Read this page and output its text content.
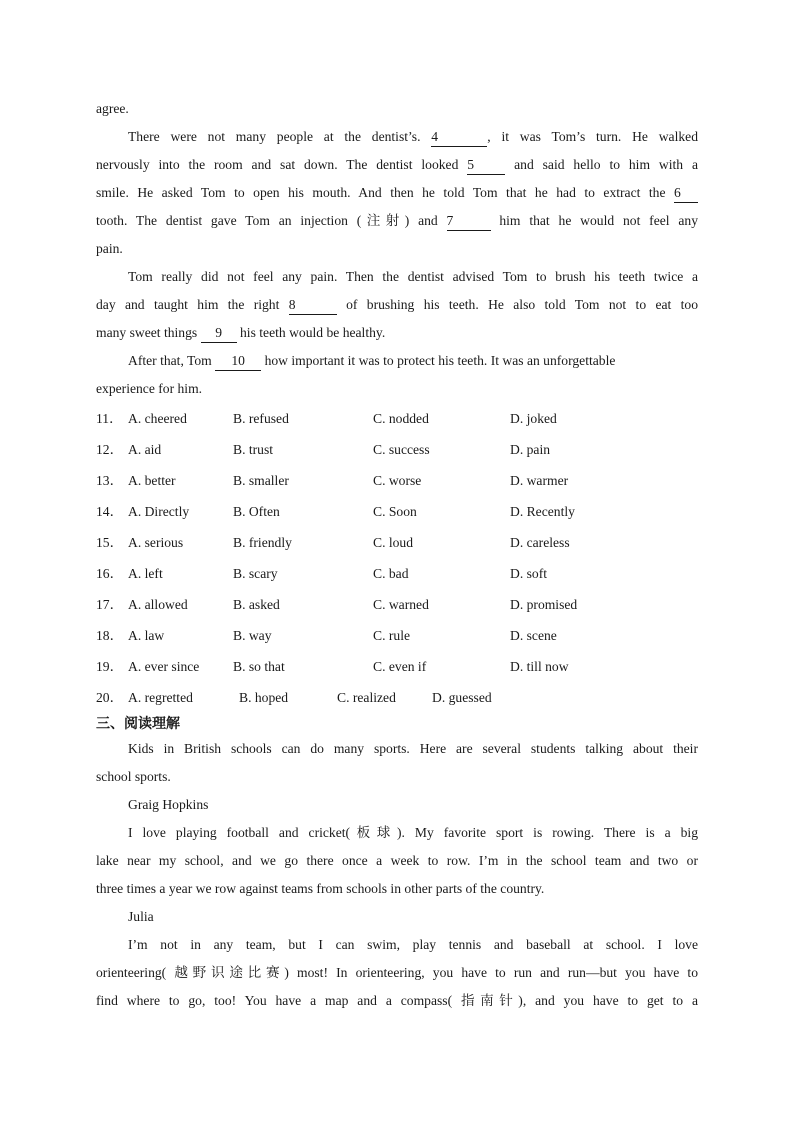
agree.
There were not many people at the dentist’s. 4	, it was Tom’s turn. He walked
nervously into the room and sat down. The dentist looked 5	and said hello to him with a
smile. He asked Tom to open his mouth. And then he told Tom that he had to extract the 6
tooth. The dentist gave Tom an injection (注射) and 7	him that he would not feel any
pain.
Tom really did not feel any pain. Then the dentist advised Tom to brush his teeth twice a
day and taught him the right 8	of brushing his teeth. He also told Tom not to eat too
many sweet things 9 his teeth would be healthy.
After that, Tom 10 how important it was to protect his teeth. It was an unforgettable
experience for him.
11． A. cheered	B. refused	C. nodded	D. joked
12． A. aid	B. trust	C. success	D. pain
13． A. better	B. smaller	C. worse	D. warmer
14． A. Directly	B. Often	C. Soon	D. Recently
15． A. serious	B. friendly	C. loud	D. careless
16． A. left	B. scary	C. bad	D. soft
17． A. allowed	B. asked	C. warned	D. promised
18． A. law	B. way	C. rule	D. scene
19． A. ever since B. so that	C. even if	D. till now
20． A. regretted	B. hoped	C. realized	D. guessed
三、阅读理解
Kids in British schools can do many sports. Here are several students talking about their
school sports.
Graig Hopkins
I love playing football and cricket(板球). My favorite sport is rowing. There is a big
lake near my school, and we go there once a week to row. I’m in the school team and two or
three times a year we row against teams from schools in other parts of the country.
Julia
I’m not in any team, but I can swim, play tennis and baseball at school. I love
orienteering( 越野识途比赛) most! In orienteering, you have to run and run—but you have to
find where to go, too! You have a map and a compass( 指南针), and you have to get to a
